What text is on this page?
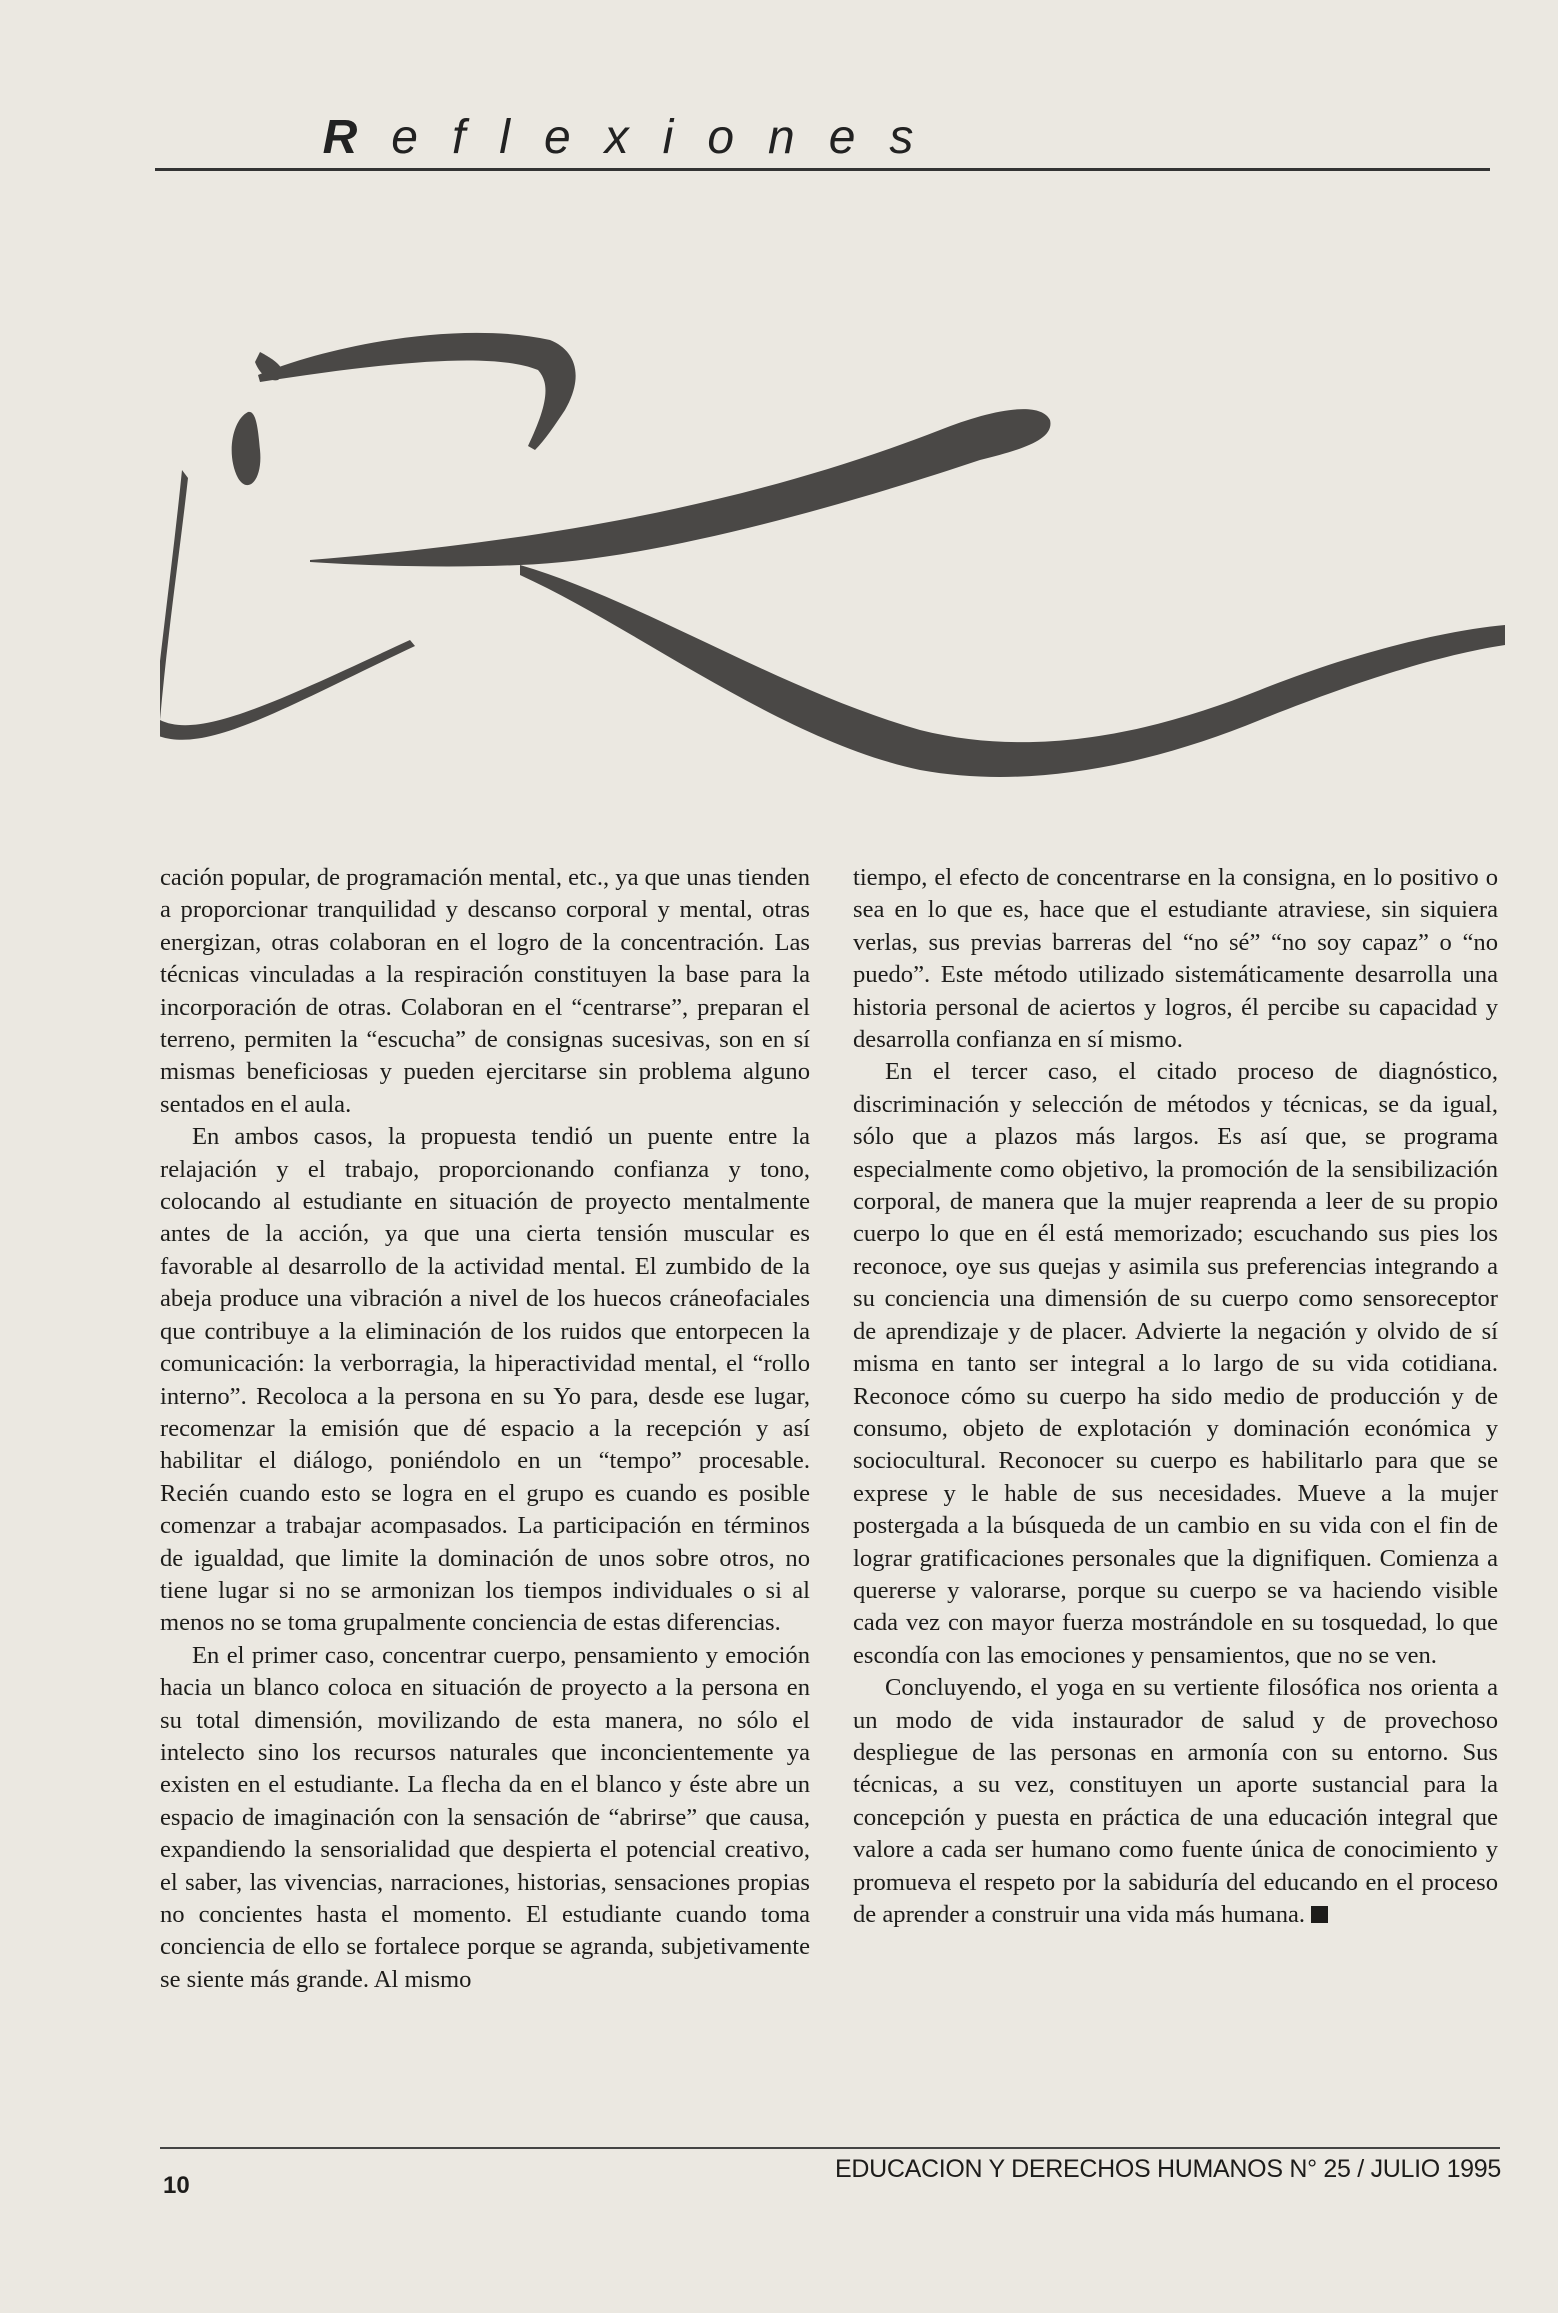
Reflexiones

cación popular, de programación mental, etc., ya que unas tienden a proporcionar tranquilidad y descanso corporal y mental, otras energizan, otras colaboran en el logro de la concentración. Las técnicas vinculadas a la respiración constituyen la base para la incorporación de otras. Colaboran en el “centrarse”, preparan el terreno, permiten la “escucha” de consignas sucesivas, son en sí mismas beneficiosas y pueden ejercitarse sin problema alguno sentados en el aula.

En ambos casos, la propuesta tendió un puente entre la relajación y el trabajo, proporcionando confianza y tono, colocando al estudiante en situación de proyecto mentalmente antes de la acción, ya que una cierta tensión muscular es favorable al desarrollo de la actividad mental. El zumbido de la abeja produce una vibración a nivel de los huecos cráneofaciales que contribuye a la eliminación de los ruidos que entorpecen la comunicación: la verborragia, la hiperactividad mental, el “rollo interno”. Recoloca a la persona en su Yo para, desde ese lugar, recomenzar la emisión que dé espacio a la recepción y así habilitar el diálogo, poniéndolo en un “tempo” procesable. Recién cuando esto se logra en el grupo es cuando es posible comenzar a trabajar acompasados. La participación en términos de igualdad, que limite la dominación de unos sobre otros, no tiene lugar si no se armonizan los tiempos individuales o si al menos no se toma grupalmente conciencia de estas diferencias.

En el primer caso, concentrar cuerpo, pensamiento y emoción hacia un blanco coloca en situación de proyecto a la persona en su total dimensión, movilizando de esta manera, no sólo el intelecto sino los recursos naturales que inconcientemente ya existen en el estudiante. La flecha da en el blanco y éste abre un espacio de imaginación con la sensación de “abrirse” que causa, expandiendo la sensorialidad que despierta el potencial creativo, el saber, las vivencias, narraciones, historias, sensaciones propias no concientes hasta el momento. El estudiante cuando toma conciencia de ello se fortalece porque se agranda, subjetivamente se siente más grande. Al mismo

tiempo, el efecto de concentrarse en la consigna, en lo positivo o sea en lo que es, hace que el estudiante atraviese, sin siquiera verlas, sus previas barreras del “no sé” “no soy capaz” o “no puedo”. Este método utilizado sistemáticamente desarrolla una historia personal de aciertos y logros, él percibe su capacidad y desarrolla confianza en sí mismo.

En el tercer caso, el citado proceso de diagnóstico, discriminación y selección de métodos y técnicas, se da igual, sólo que a plazos más largos. Es así que, se programa especialmente como objetivo, la promoción de la sensibilización corporal, de manera que la mujer reaprenda a leer de su propio cuerpo lo que en él está memorizado; escuchando sus pies los reconoce, oye sus quejas y asimila sus preferencias integrando a su conciencia una dimensión de su cuerpo como sensoreceptor de aprendizaje y de placer. Advierte la negación y olvido de sí misma en tanto ser integral a lo largo de su vida cotidiana. Reconoce cómo su cuerpo ha sido medio de producción y de consumo, objeto de explotación y dominación económica y sociocultural. Reconocer su cuerpo es habilitarlo para que se exprese y le hable de sus necesidades. Mueve a la mujer postergada a la búsqueda de un cambio en su vida con el fin de lograr gratificaciones personales que la dignifiquen. Comienza a quererse y valorarse, porque su cuerpo se va haciendo visible cada vez con mayor fuerza mostrándole en su tosquedad, lo que escondía con las emociones y pensamientos, que no se ven.

Concluyendo, el yoga en su vertiente filosófica nos orienta a un modo de vida instaurador de salud y de provechoso despliegue de las personas en armonía con su entorno. Sus técnicas, a su vez, constituyen un aporte sustancial para la concepción y puesta en práctica de una educación integral que valore a cada ser humano como fuente única de conocimiento y promueva el respeto por la sabiduría del educando en el proceso de aprender a construir una vida más humana.

10
EDUCACION Y DERECHOS HUMANOS N° 25 / JULIO 1995
